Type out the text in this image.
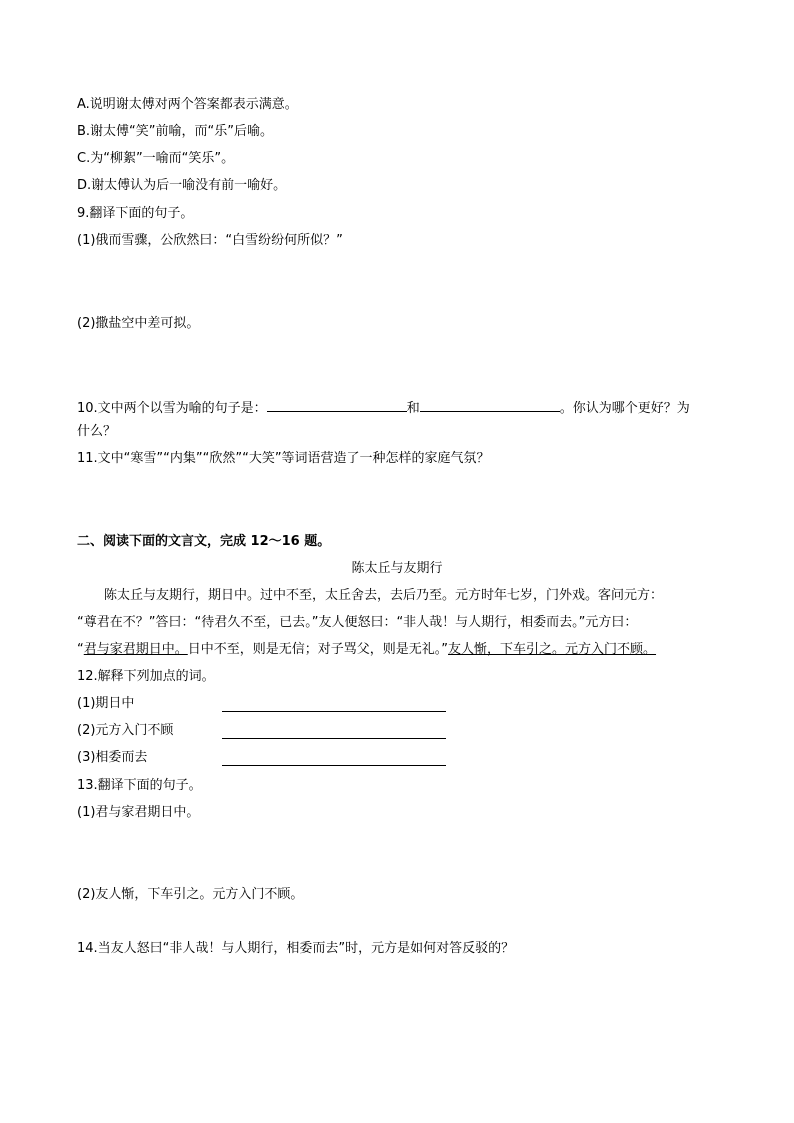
A.说明谢太傅对两个答案都表示满意。
B.谢太傅“笑”前喻，而“乐”后喻。
C.为“柳絮”一喻而“笑乐”。
D.谢太傅认为后一喻没有前一喻好。
9.翻译下面的句子。
(1)俄而雪骤，公欣然曰：“白雪纷纷何所似？”
(2)撒盐空中差可拟。
10.文中两个以雪为喻的句子是：	和	。你认为哪个更好？为
什么？
11.文中“寒雪”“内集”“欣然”“大笑”等词语营造了一种怎样的家庭气氛？
二、阅读下面的文言文，完成 12～16 题。
陈太丘与友期行
陈太丘与友期行，期日中。过中不至，太丘舍去，去后乃至。元方时年七岁，门外戏。客问元方：
“尊君在不？”答曰：“待君久不至，已去。”友人便怒曰：“非人哉！与人期行，相委而去。”元方曰：
“君与家君期日中。日中不至，则是无信；对子骂父，则是无礼。”友人惭，下车引之。元方入门不顾。
12.解释下列加点的词。
(1)期日中
(2)元方入门不顾
(3)相委而去
13.翻译下面的句子。
(1)君与家君期日中。
(2)友人惭，下车引之。元方入门不顾。
14.当友人怒曰“非人哉！与人期行，相委而去”时，元方是如何对答反驳的？
